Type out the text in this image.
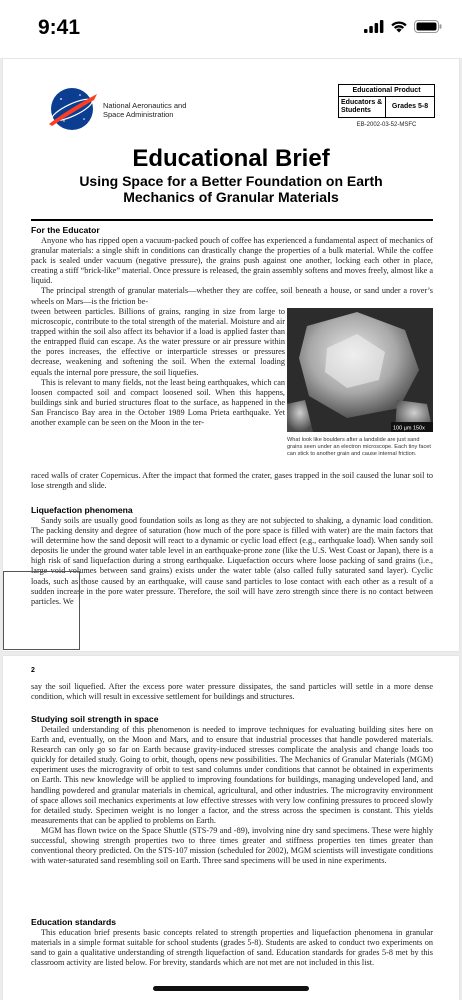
9:41
National Aeronautics and
Space Administration
Educational Product
Educators & Students
Grades 5-8
EB-2002-03-52-MSFC
Educational Brief
Using Space for a Better Foundation on Earth
Mechanics of Granular Materials
For the Educator

Anyone who has ripped open a vacuum-packed pouch of coffee has experienced a fundamental aspect of mechanics of granular materials: a single shift in conditions can drastically change the properties of a bulk material. While the coffee pack is sealed under vacuum (negative pressure), the grains push against one another, locking each other in place, creating a stiff “brick-like” material. Once pressure is released, the grain assembly softens and moves freely, almost like a liquid.

The principal strength of granular materials—whether they are coffee, soil beneath a house, or sand under a rover’s wheels on Mars—is the friction be-

tween between particles. Billions of grains, ranging in size from large to microscopic, contribute to the total strength of the material. Moisture and air trapped within the soil also affect its behavior if a load is applied faster than the entrapped fluid can escape. As the water pressure or air pressure within the pores increases, the effective or interparticle stresses or pressures decrease, weakening and softening the soil. When the external loading equals the internal pore pressure, the soil liquefies.

This is relevant to many fields, not the least being earthquakes, which can loosen compacted soil and compact loosened soil. When this happens, buildings sink and buried structures float to the surface, as happened in the San Francisco Bay area in the October 1989 Loma Prieta earthquake. Yet another example can be seen on the Moon in the ter-

raced walls of crater Copernicus. After the impact that formed the crater, gases trapped in the soil caused the lunar soil to lose strength and slide.

100 µm 150x
What look like boulders after a landslide are just sand grains seen under an electron microscope. Each tiny facet can stick to another grain and cause internal friction.
Liquefaction phenomena

Sandy soils are usually good foundation soils as long as they are not subjected to shaking, a dynamic load condition. The packing density and degree of saturation (how much of the pore space is filled with water) are the main factors that will determine how the sand deposit will react to a dynamic or cyclic load effect (e.g., earthquake load). When sandy soil deposits lie under the ground water table level in an earthquake-prone zone (like the U.S. West Coast or Japan), there is a high risk of sand liquefaction during a strong earthquake. Liquefaction occurs where loose packing of sand grains (i.e., large void volumes between sand grains) exists under the water table (also called fully saturated sand layer). Cyclic loads, such as those caused by an earthquake, will cause sand particles to lose contact with each other as a result of a sudden increase in the pore water pressure. Therefore, the soil will have zero strength since there is no contact between particles. We

2

say the soil liquefied. After the excess pore water pressure dissipates, the sand particles will settle in a more dense condition, which will result in excessive settlement for buildings and structures.

Studying soil strength in space

Detailed understanding of this phenomenon is needed to improve techniques for evaluating building sites here on Earth and, eventually, on the Moon and Mars, and to ensure that industrial processes that handle powdered materials. Research can only go so far on Earth because gravity-induced stresses complicate the analysis and change loads too quickly for detailed study. Going to orbit, though, opens new possibilities. The Mechanics of Granular Materials (MGM) experiment uses the microgravity of orbit to test sand columns under conditions that cannot be obtained in experiments on Earth. This new knowledge will be applied to improving foundations for buildings, managing undeveloped land, and handling powdered and granular materials in chemical, agricultural, and other industries. The microgravity environment of space allows soil mechanics experiments at low effective stresses with very low confining pressures to proceed slowly for detailed study. Specimen weight is no longer a factor, and the stress across the specimen is constant. This yields measurements that can be applied to problems on Earth.

MGM has flown twice on the Space Shuttle (STS-79 and -89), involving nine dry sand specimens. These were highly successful, showing strength properties two to three times greater and stiffness properties ten times greater than conventional theory predicted. On the STS-107 mission (scheduled for 2002), MGM scientists will investigate conditions with water-saturated sand resembling soil on Earth. Three sand specimens will be used in nine experiments.

Education standards

This education brief presents basic concepts related to strength properties and liquefaction phenomena in granular materials in a simple format suitable for school students (grades 5-8). Students are asked to conduct two experiments on sand to gain a qualitative understanding of strength liquefaction of sand. Education standards for grades 5-8 met by this classroom activity are listed below. For brevity, standards which are not met are not included in this list.
